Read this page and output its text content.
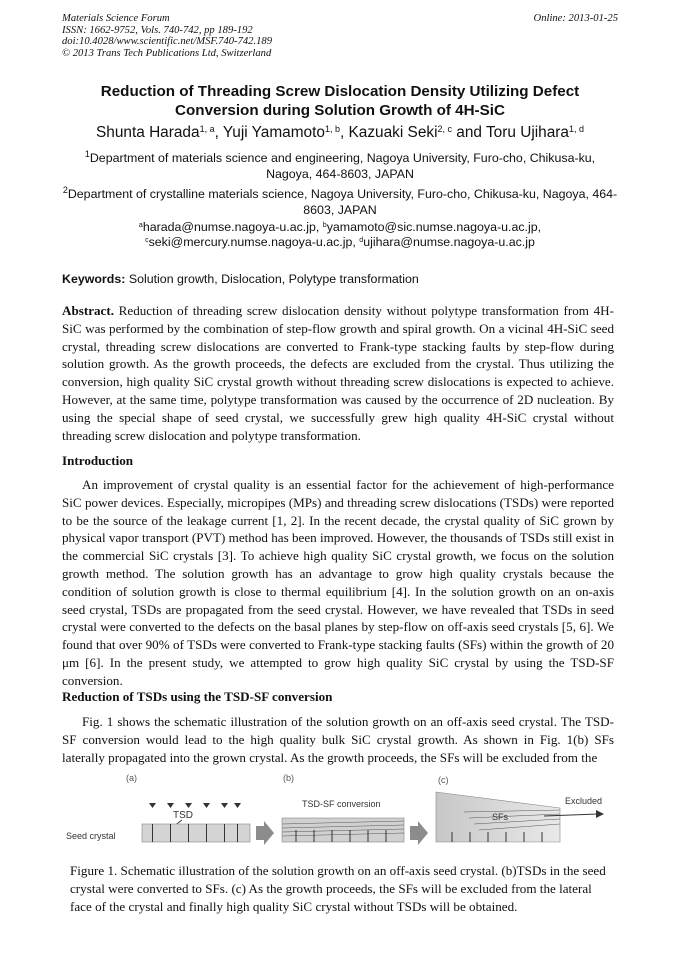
Materials Science Forum
ISSN: 1662-9752, Vols. 740-742, pp 189-192
doi:10.4028/www.scientific.net/MSF.740-742.189
© 2013 Trans Tech Publications Ltd, Switzerland
Online: 2013-01-25
Reduction of Threading Screw Dislocation Density Utilizing Defect
Conversion during Solution Growth of 4H-SiC
Shunta Harada$^{1, a}$, Yuji Yamamoto$^{1, b}$, Kazuaki Seki$^{2, c}$ and Toru Ujihara$^{1, d}$
$^1$Department of materials science and engineering, Nagoya University, Furo-cho, Chikusa-ku, Nagoya, 464-8603, JAPAN
$^2$Department of crystalline materials science, Nagoya University, Furo-cho, Chikusa-ku, Nagoya, 464-8603, JAPAN
$^a$harada@numse.nagoya-u.ac.jp, $^b$yamamoto@sic.numse.nagoya-u.ac.jp,
$^c$seki@mercury.numse.nagoya-u.ac.jp, $^d$ujihara@numse.nagoya-u.ac.jp
Keywords: Solution growth, Dislocation, Polytype transformation
Abstract. Reduction of threading screw dislocation density without polytype transformation from 4H-SiC was performed by the combination of step-flow growth and spiral growth. On a vicinal 4H-SiC seed crystal, threading screw dislocations are converted to Frank-type stacking faults by step-flow during solution growth. As the growth proceeds, the defects are excluded from the crystal. Thus utilizing the conversion, high quality SiC crystal growth without threading screw dislocations is expected to achieve. However, at the same time, polytype transformation was caused by the occurrence of 2D nucleation. By using the special shape of seed crystal, we successfully grew high quality 4H-SiC crystal without threading screw dislocation and polytype transformation.
Introduction
An improvement of crystal quality is an essential factor for the achievement of high-performance SiC power devices. Especially, micropipes (MPs) and threading screw dislocations (TSDs) were reported to be the source of the leakage current [1, 2]. In the recent decade, the crystal quality of SiC grown by physical vapor transport (PVT) method has been improved. However, the thousands of TSDs still exist in the commercial SiC crystals [3]. To achieve high quality SiC crystal growth, we focus on the solution growth method. The solution growth has an advantage to grow high quality crystals because the condition of solution growth is close to thermal equilibrium [4]. In the solution growth on an on-axis seed crystal, TSDs are propagated from the seed crystal. However, we have revealed that TSDs in seed crystal were converted to the defects on the basal planes by step-flow on off-axis seed crystals [5, 6]. We found that over 90% of TSDs were converted to Frank-type stacking faults (SFs) within the growth of 20 μm [6]. In the present study, we attempted to grow high quality SiC crystal by using the TSD-SF conversion.
Reduction of TSDs using the TSD-SF conversion
Fig. 1 shows the schematic illustration of the solution growth on an off-axis seed crystal. The TSD-SF conversion would lead to the high quality bulk SiC crystal growth. As shown in Fig. 1(b) SFs laterally propagated into the grown crystal. As the growth proceeds, the SFs will be excluded from the
(a)
TSD
Seed crystal
(b)
TSD-SF conversion
(c)
SFs
Excluded
Figure 1. Schematic illustration of the solution growth on an off-axis seed crystal. (b)TSDs in the seed crystal were converted to SFs. (c) As the growth proceeds, the SFs will be excluded from the lateral face of the crystal and finally high quality SiC crystal without TSDs will be obtained.
